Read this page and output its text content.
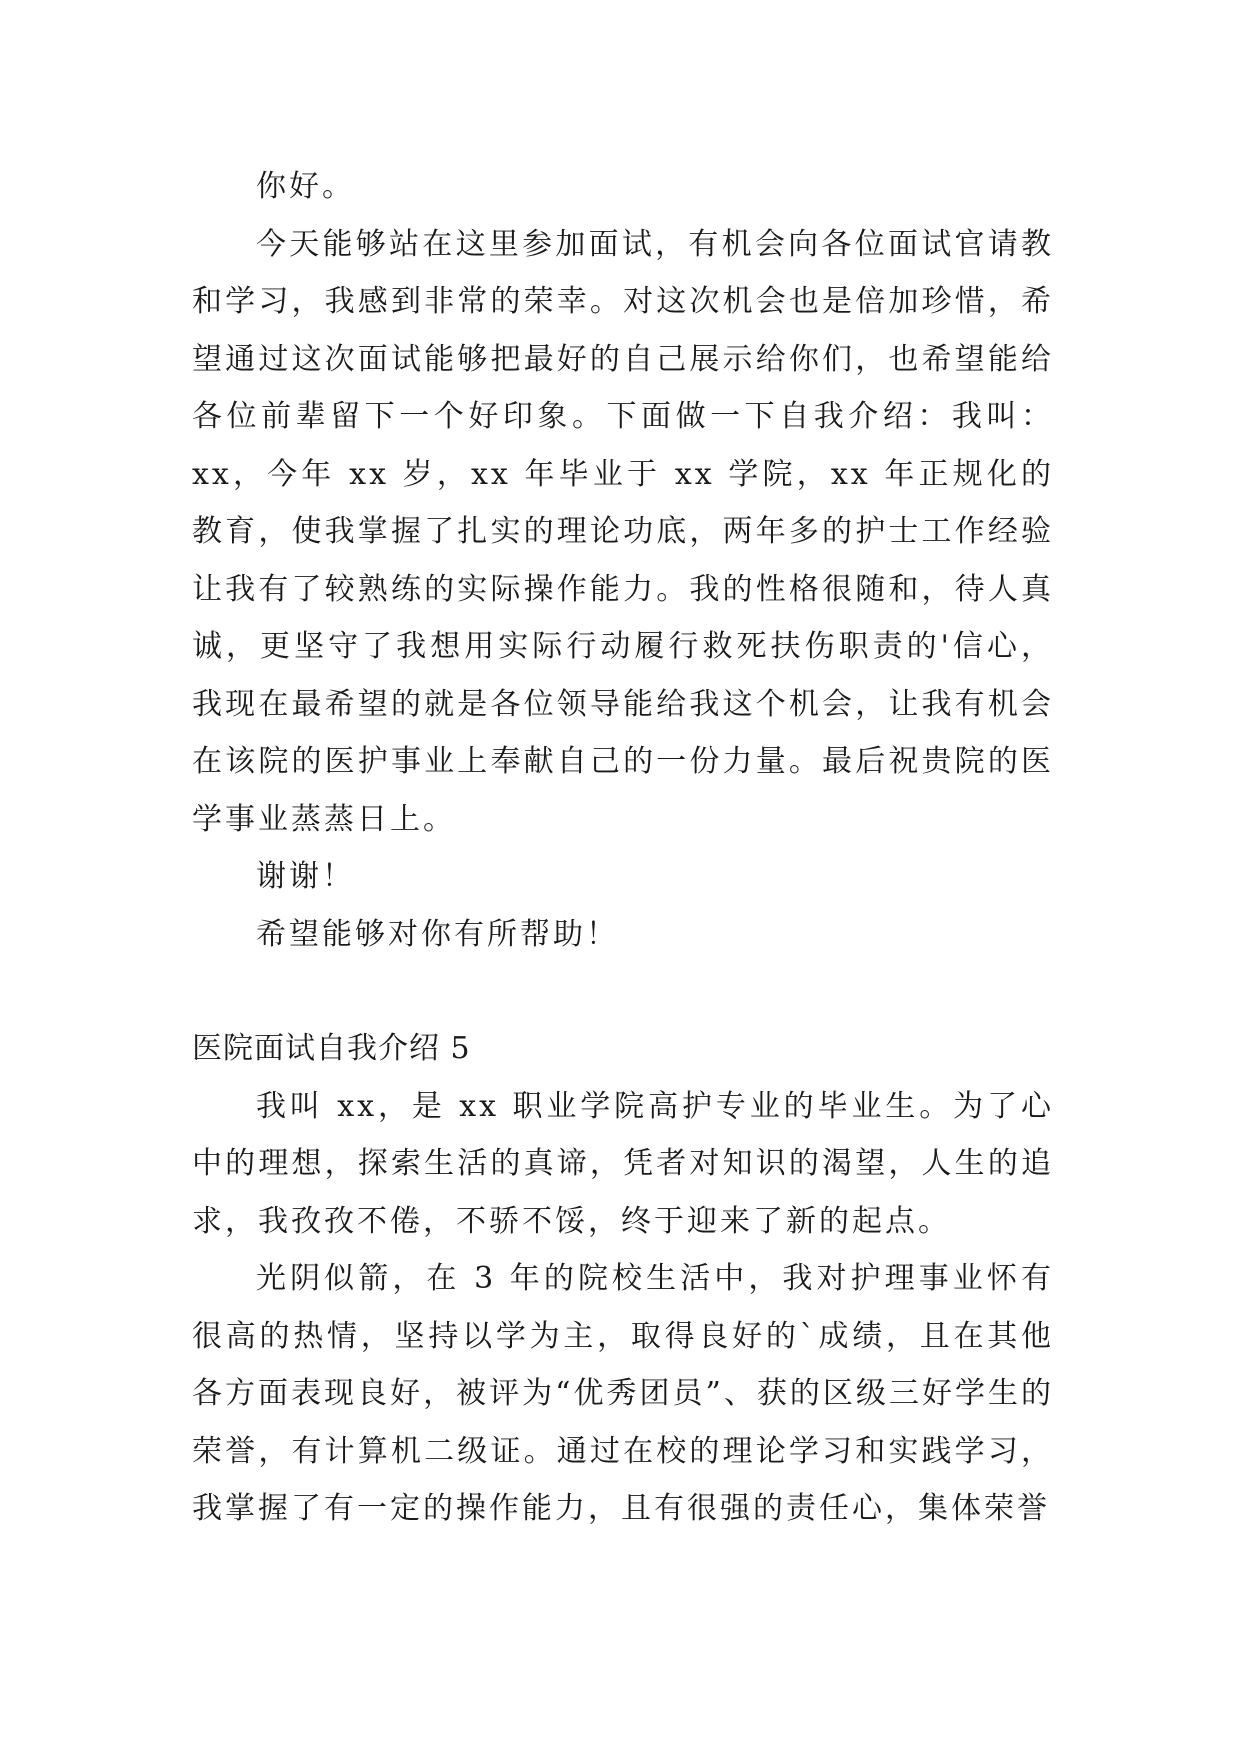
你好。

今天能够站在这里参加面试，有机会向各位面试官请教和学习，我感到非常的荣幸。对这次机会也是倍加珍惜，希望通过这次面试能够把最好的自己展示给你们，也希望能给各位前辈留下一个好印象。下面做一下自我介绍：我叫：xx，今年 xx 岁，xx 年毕业于 xx 学院，xx 年正规化的教育，使我掌握了扎实的理论功底，两年多的护士工作经验让我有了较熟练的实际操作能力。我的性格很随和，待人真诚，更坚守了我想用实际行动履行救死扶伤职责的'信心，我现在最希望的就是各位领导能给我这个机会，让我有机会在该院的医护事业上奉献自己的一份力量。最后祝贵院的医学事业蒸蒸日上。

谢谢！

希望能够对你有所帮助！

医院面试自我介绍 5

我叫 xx，是 xx 职业学院高护专业的毕业生。为了心中的理想，探索生活的真谛，凭者对知识的渴望，人生的追求，我孜孜不倦，不骄不馁，终于迎来了新的起点。

光阴似箭，在 3 年的院校生活中，我对护理事业怀有很高的热情，坚持以学为主，取得良好的`成绩，且在其他各方面表现良好，被评为“优秀团员”、获的区级三好学生的荣誉，有计算机二级证。通过在校的理论学习和实践学习，我掌握了有一定的操作能力，且有很强的责任心，集体荣誉
